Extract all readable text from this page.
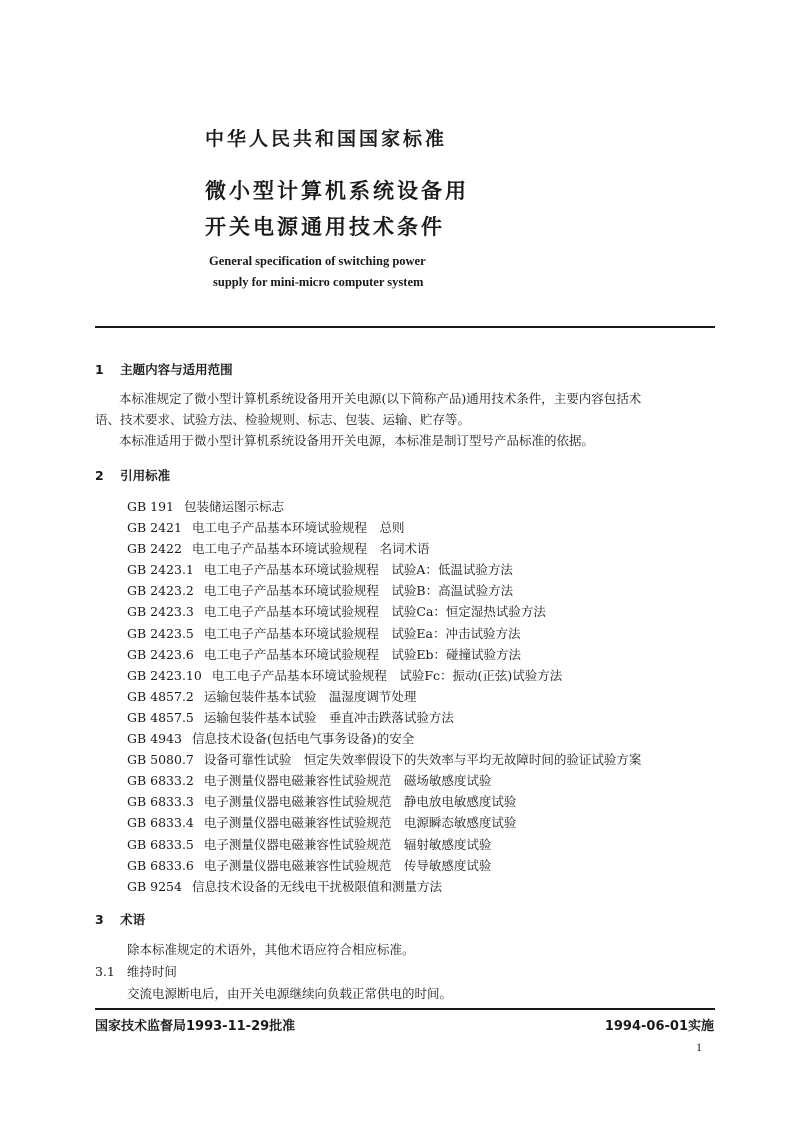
中华人民共和国国家标准
微小型计算机系统设备用
开关电源通用技术条件
General specification of switching power
supply for mini-micro computer system
1 主题内容与适用范围
本标准规定了微小型计算机系统设备用开关电源(以下简称产品)通用技术条件，主要内容包括术
语、技术要求、试验方法、检验规则、标志、包装、运输、贮存等。
本标准适用于微小型计算机系统设备用开关电源，本标准是制订型号产品标准的依据。
2 引用标准
GB 191 包装储运图示标志
GB 2421 电工电子产品基本环境试验规程　总则
GB 2422 电工电子产品基本环境试验规程　名词术语
GB 2423.1 电工电子产品基本环境试验规程　试验A：低温试验方法
GB 2423.2 电工电子产品基本环境试验规程　试验B：高温试验方法
GB 2423.3 电工电子产品基本环境试验规程　试验Ca：恒定湿热试验方法
GB 2423.5 电工电子产品基本环境试验规程　试验Ea：冲击试验方法
GB 2423.6 电工电子产品基本环境试验规程　试验Eb：碰撞试验方法
GB 2423.10 电工电子产品基本环境试验规程　试验Fc：振动(正弦)试验方法
GB 4857.2 运输包装件基本试验　温湿度调节处理
GB 4857.5 运输包装件基本试验　垂直冲击跌落试验方法
GB 4943 信息技术设备(包括电气事务设备)的安全
GB 5080.7 设备可靠性试验　恒定失效率假设下的失效率与平均无故障时间的验证试验方案
GB 6833.2 电子测量仪器电磁兼容性试验规范　磁场敏感度试验
GB 6833.3 电子测量仪器电磁兼容性试验规范　静电放电敏感度试验
GB 6833.4 电子测量仪器电磁兼容性试验规范　电源瞬态敏感度试验
GB 6833.5 电子测量仪器电磁兼容性试验规范　辐射敏感度试验
GB 6833.6 电子测量仪器电磁兼容性试验规范　传导敏感度试验
GB 9254 信息技术设备的无线电干扰极限值和测量方法
3 术语
除本标准规定的术语外，其他术语应符合相应标准。
3.1 维持时间
交流电源断电后，由开关电源继续向负载正常供电的时间。
国家技术监督局1993-11-29批准	1994-06-01实施
1
